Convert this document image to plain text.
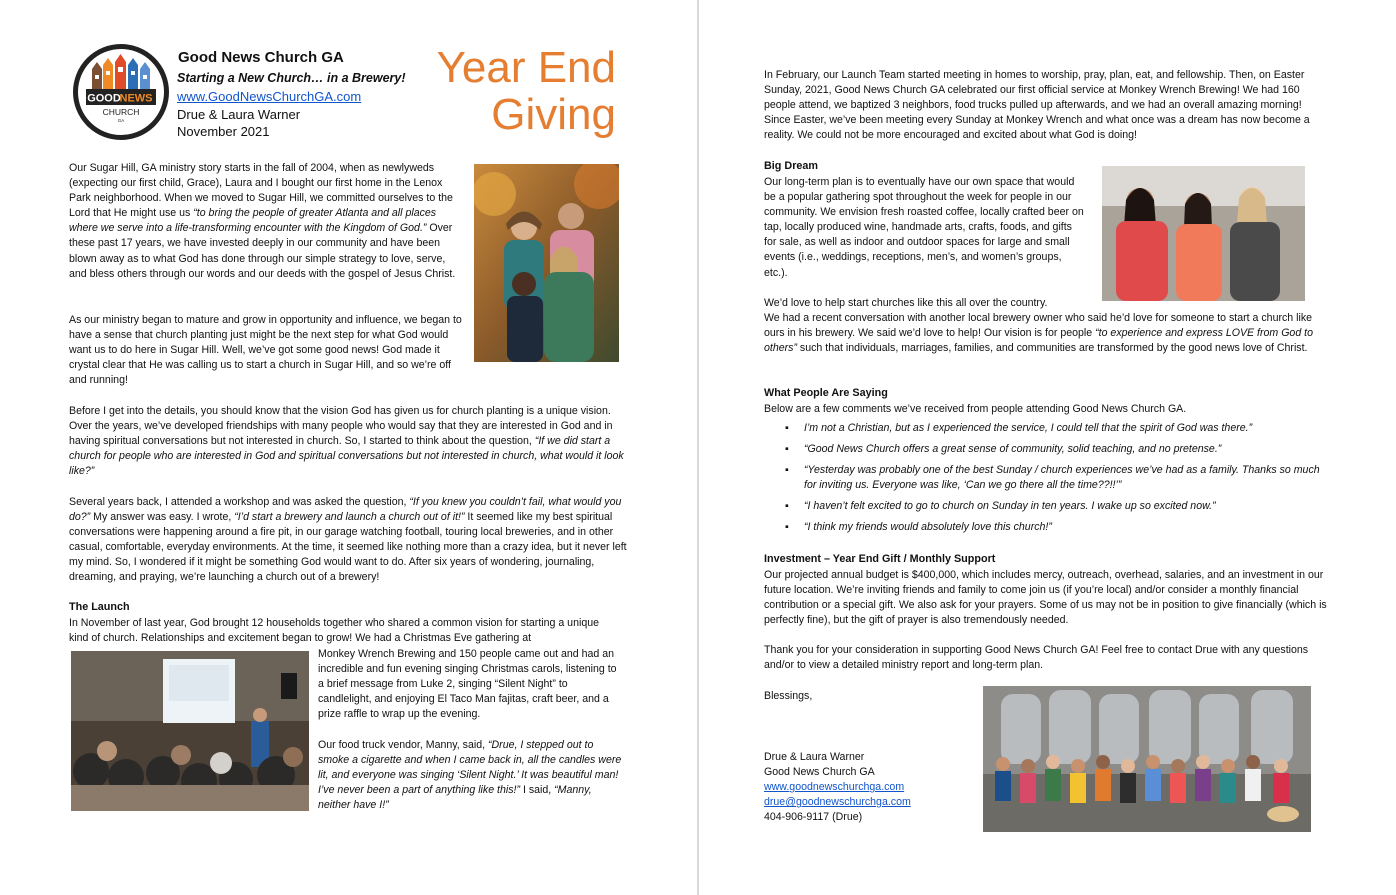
GOOD
NEWS
CHURCH
GA
Good News Church GA
Starting a New Church… in a Brewery!
www.GoodNewsChurchGA.com
Drue & Laura Warner
November 2021
Year End
Giving

Our Sugar Hill, GA ministry story starts in the fall of 2004, when as newlyweds (expecting our first child, Grace), Laura and I bought our first home in the Lenox Park neighborhood. When we moved to Sugar Hill, we committed ourselves to the Lord that He might use us “to bring the people of greater Atlanta and all places where we serve into a life-transforming encounter with the Kingdom of God.” Over these past 17 years, we have invested deeply in our community and have been blown away as to what God has done through our simple strategy to love, serve, and bless others through our words and our deeds with the gospel of Jesus Christ.

As our ministry began to mature and grow in opportunity and influence, we began to have a sense that church planting just might be the next step for what God would want us to do here in Sugar Hill. Well, we’ve got some good news! God made it crystal clear that He was calling us to start a church in Sugar Hill, and so we’re off and running!

Before I get into the details, you should know that the vision God has given us for church planting is a unique vision. Over the years, we’ve developed friendships with many people who would say that they are interested in God and in having spiritual conversations but not interested in church. So, I started to think about the question, “If we did start a church for people who are interested in God and spiritual conversations but not interested in church, what would it look like?”

Several years back, I attended a workshop and was asked the question, “If you knew you couldn’t fail, what would you do?” My answer was easy. I wrote, “I’d start a brewery and launch a church out of it!” It seemed like my best spiritual conversations were happening around a fire pit, in our garage watching football, touring local breweries, and in other casual, comfortable, everyday environments. At the time, it seemed like nothing more than a crazy idea, but it never left my mind. So, I wondered if it might be something God would want to do. After six years of wondering, journaling, dreaming, and praying, we’re launching a church out of a brewery!

The Launch

In November of last year, God brought 12 households together who shared a common vision for starting a unique kind of church. Relationships and excitement began to grow! We had a Christmas Eve gathering at

Monkey Wrench Brewing and 150 people came out and had an incredible and fun evening singing Christmas carols, listening to a brief message from Luke 2, singing “Silent Night” to candlelight, and enjoying El Taco Man fajitas, craft beer, and a prize raffle to wrap up the evening.

Our food truck vendor, Manny, said, “Drue, I stepped out to smoke a cigarette and when I came back in, all the candles were lit, and everyone was singing ‘Silent Night.’ It was beautiful man! I’ve never been a part of anything like this!” I said, “Manny, neither have I!”

In February, our Launch Team started meeting in homes to worship, pray, plan, eat, and fellowship. Then, on Easter Sunday, 2021, Good News Church GA celebrated our first official service at Monkey Wrench Brewing! We had 160 people attend, we baptized 3 neighbors, food trucks pulled up afterwards, and we had an overall amazing morning! Since Easter, we’ve been meeting every Sunday at Monkey Wrench and what once was a dream has now become a reality. We could not be more encouraged and excited about what God is doing!

Big Dream

Our long-term plan is to eventually have our own space that would be a popular gathering spot throughout the week for people in our community. We envision fresh roasted coffee, locally crafted beer on tap, locally produced wine, handmade arts, crafts, foods, and gifts for sale, as well as indoor and outdoor spaces for large and small events (i.e., weddings, receptions, men’s, and women’s groups, etc.).

We’d love to help start churches like this all over the country.

We had a recent conversation with another local brewery owner who said he’d love for someone to start a church like ours in his brewery. We said we’d love to help! Our vision is for people “to experience and express LOVE from God to others” such that individuals, marriages, families, and communities are transformed by the good news love of Christ.

What People Are Saying

Below are a few comments we’ve received from people attending Good News Church GA.

▪ I’m not a Christian, but as I experienced the service, I could tell that the spirit of God was there.”
▪ “Good News Church offers a great sense of community, solid teaching, and no pretense.”
▪ “Yesterday was probably one of the best Sunday / church experiences we’ve had as a family. Thanks so much for inviting us. Everyone was like, ‘Can we go there all the time??!!’”
▪ “I haven’t felt excited to go to church on Sunday in ten years. I wake up so excited now.”
▪ “I think my friends would absolutely love this church!”
Investment – Year End Gift / Monthly Support

Our projected annual budget is $400,000, which includes mercy, outreach, overhead, salaries, and an investment in our future location. We’re inviting friends and family to come join us (if you’re local) and/or consider a monthly financial contribution or a special gift. We also ask for your prayers. Some of us may not be in position to give financially (which is perfectly fine), but the gift of prayer is also tremendously needed.

Thank you for your consideration in supporting Good News Church GA! Feel free to contact Drue with any questions and/or to view a detailed ministry report and long-term plan.

Blessings,

Drue & Laura Warner

Good News Church GA

www.goodnewschurchga.com
drue@goodnewschurchga.com

404-906-9117 (Drue)
